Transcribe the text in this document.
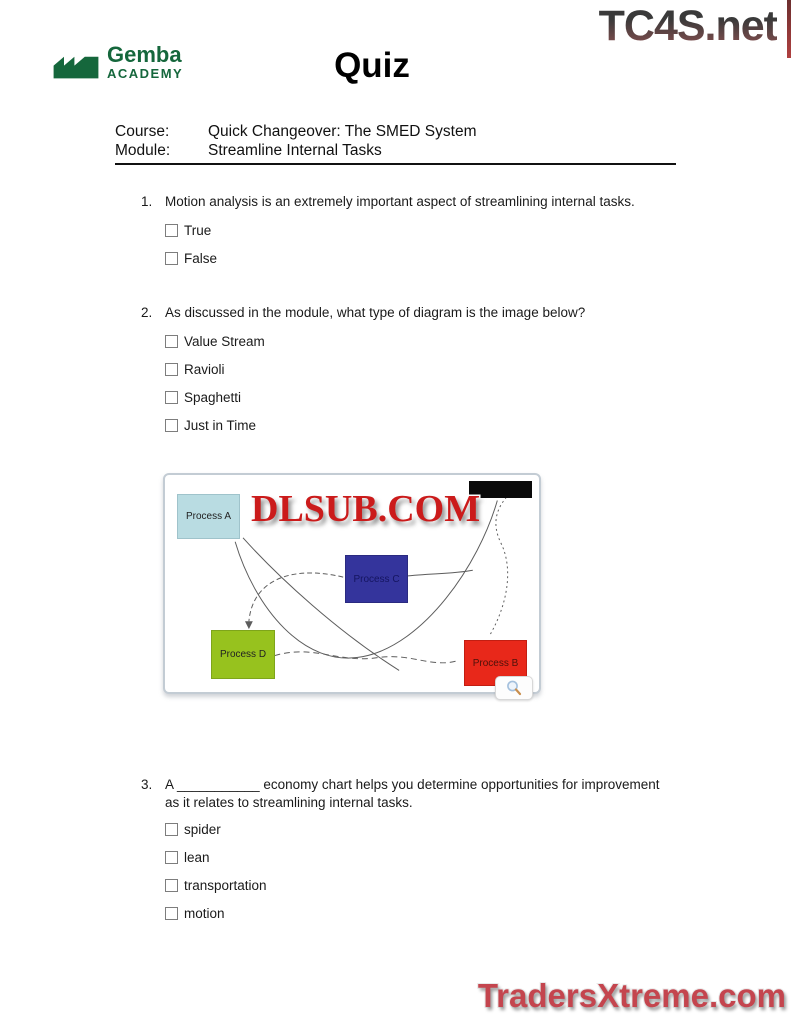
TC4S.net
Gemba
ACADEMY	Quiz
Course:	Quick Changeover: The SMED System
Module:	Streamline Internal Tasks
1. Motion analysis is an extremely important aspect of streamlining internal tasks.
True
False
2. As discussed in the module, what type of diagram is the image below?
Value Stream
Ravioli
Spaghetti
Just in Time
Process A
Process C
Process D
Process B
DLSUB.COM
3. A ___________ economy chart helps you determine opportunities for improvement as it relates to streamlining internal tasks.
spider
lean
transportation
motion
TradersXtreme.com
